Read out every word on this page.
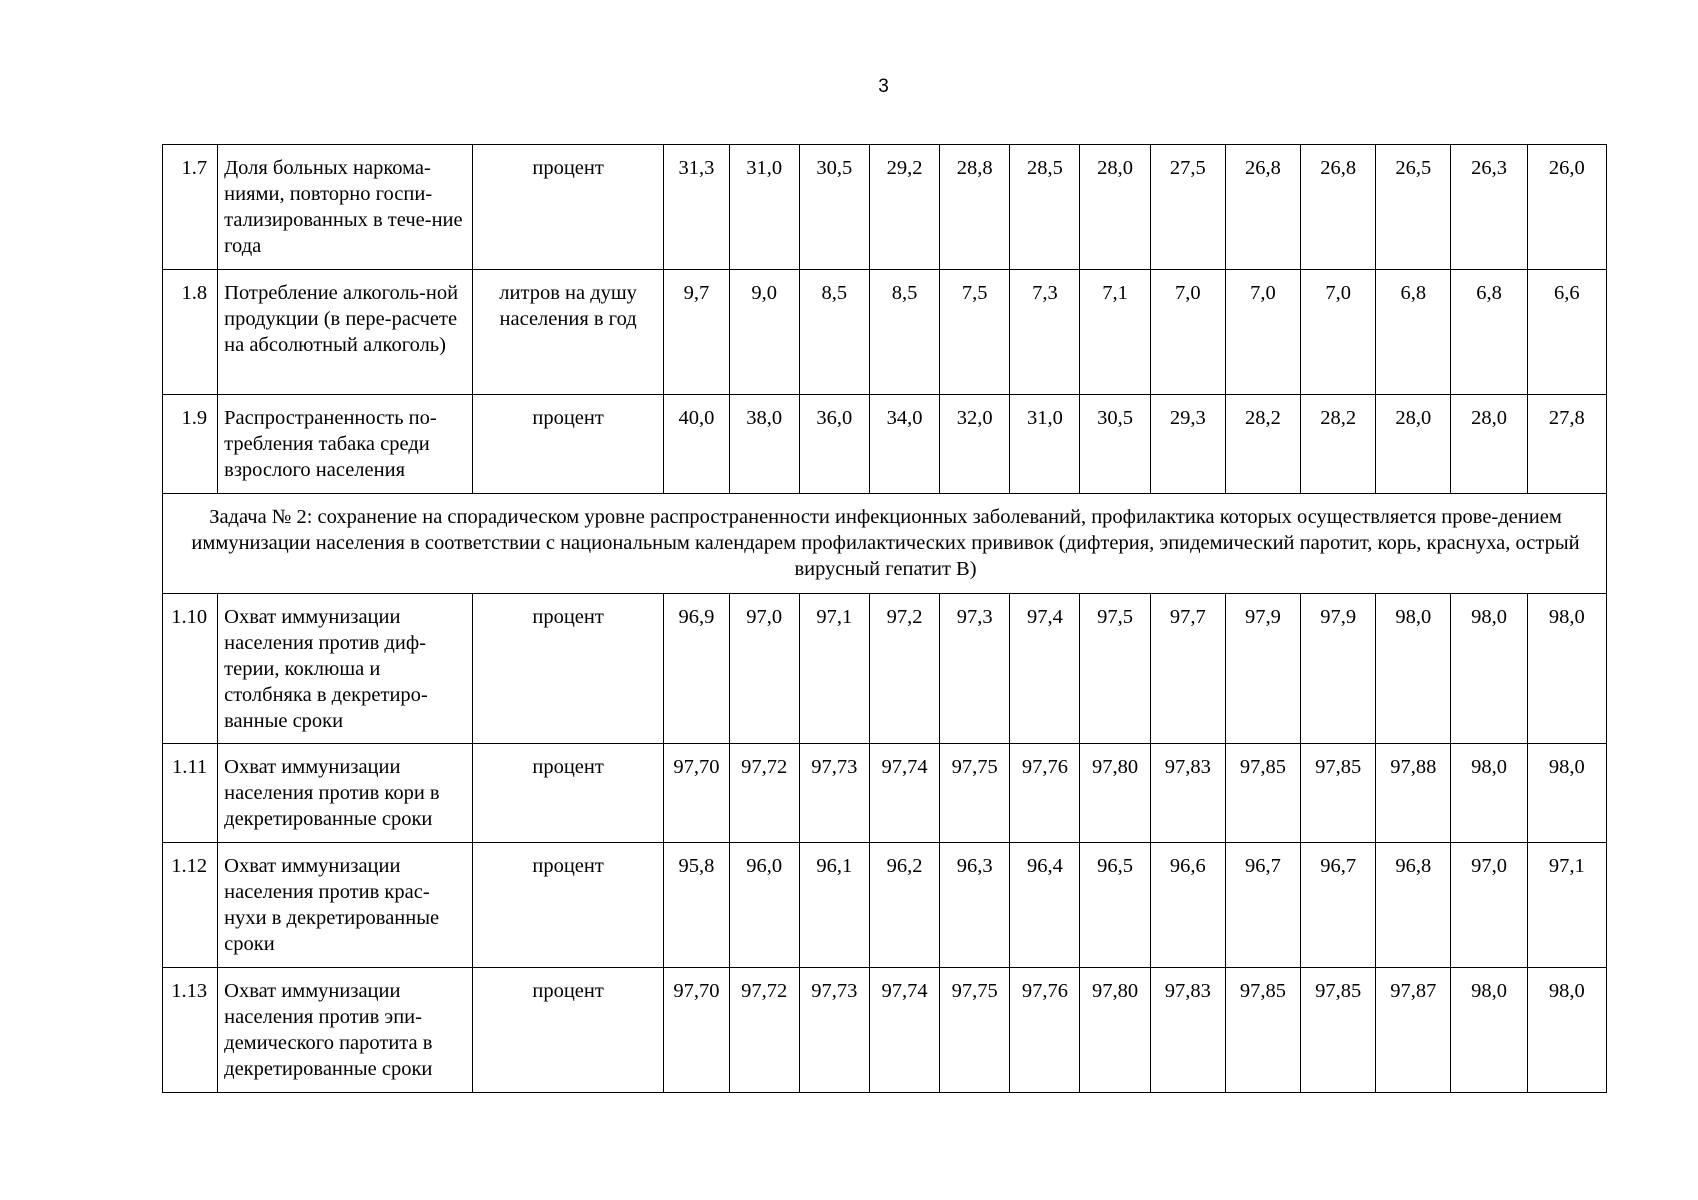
3
1.7	Доля больных наркома-ниями, повторно госпи-тализированных в тече-ние года	процент	31,3	31,0	30,5	29,2	28,8	28,5	28,0	27,5	26,8	26,8	26,5	26,3	26,0
1.8	Потребление алкоголь-ной продукции (в пере-расчете на абсолютный алкоголь)	литров на душу населения в год	9,7	9,0	8,5	8,5	7,5	7,3	7,1	7,0	7,0	7,0	6,8	6,8	6,6
1.9	Распространенность по-требления табака среди взрослого населения	процент	40,0	38,0	36,0	34,0	32,0	31,0	30,5	29,3	28,2	28,2	28,0	28,0	27,8
Задача № 2: сохранение на спорадическом уровне распространенности инфекционных заболеваний, профилактика которых осуществляется прове-дением иммунизации населения в соответствии с национальным календарем профилактических прививок (дифтерия, эпидемический паротит, корь, краснуха, острый вирусный гепатит В)															
1.10	Охват иммунизации населения против диф-терии, коклюша и столбняка в декретиро-ванные сроки	процент	96,9	97,0	97,1	97,2	97,3	97,4	97,5	97,7	97,9	97,9	98,0	98,0	98,0
1.11	Охват иммунизации населения против кори в декретированные сроки	процент	97,70	97,72	97,73	97,74	97,75	97,76	97,80	97,83	97,85	97,85	97,88	98,0	98,0
1.12	Охват иммунизации населения против крас-нухи в декретированные сроки	процент	95,8	96,0	96,1	96,2	96,3	96,4	96,5	96,6	96,7	96,7	96,8	97,0	97,1
1.13	Охват иммунизации населения против эпи-демического паротита в декретированные сроки	процент	97,70	97,72	97,73	97,74	97,75	97,76	97,80	97,83	97,85	97,85	97,87	98,0	98,0
